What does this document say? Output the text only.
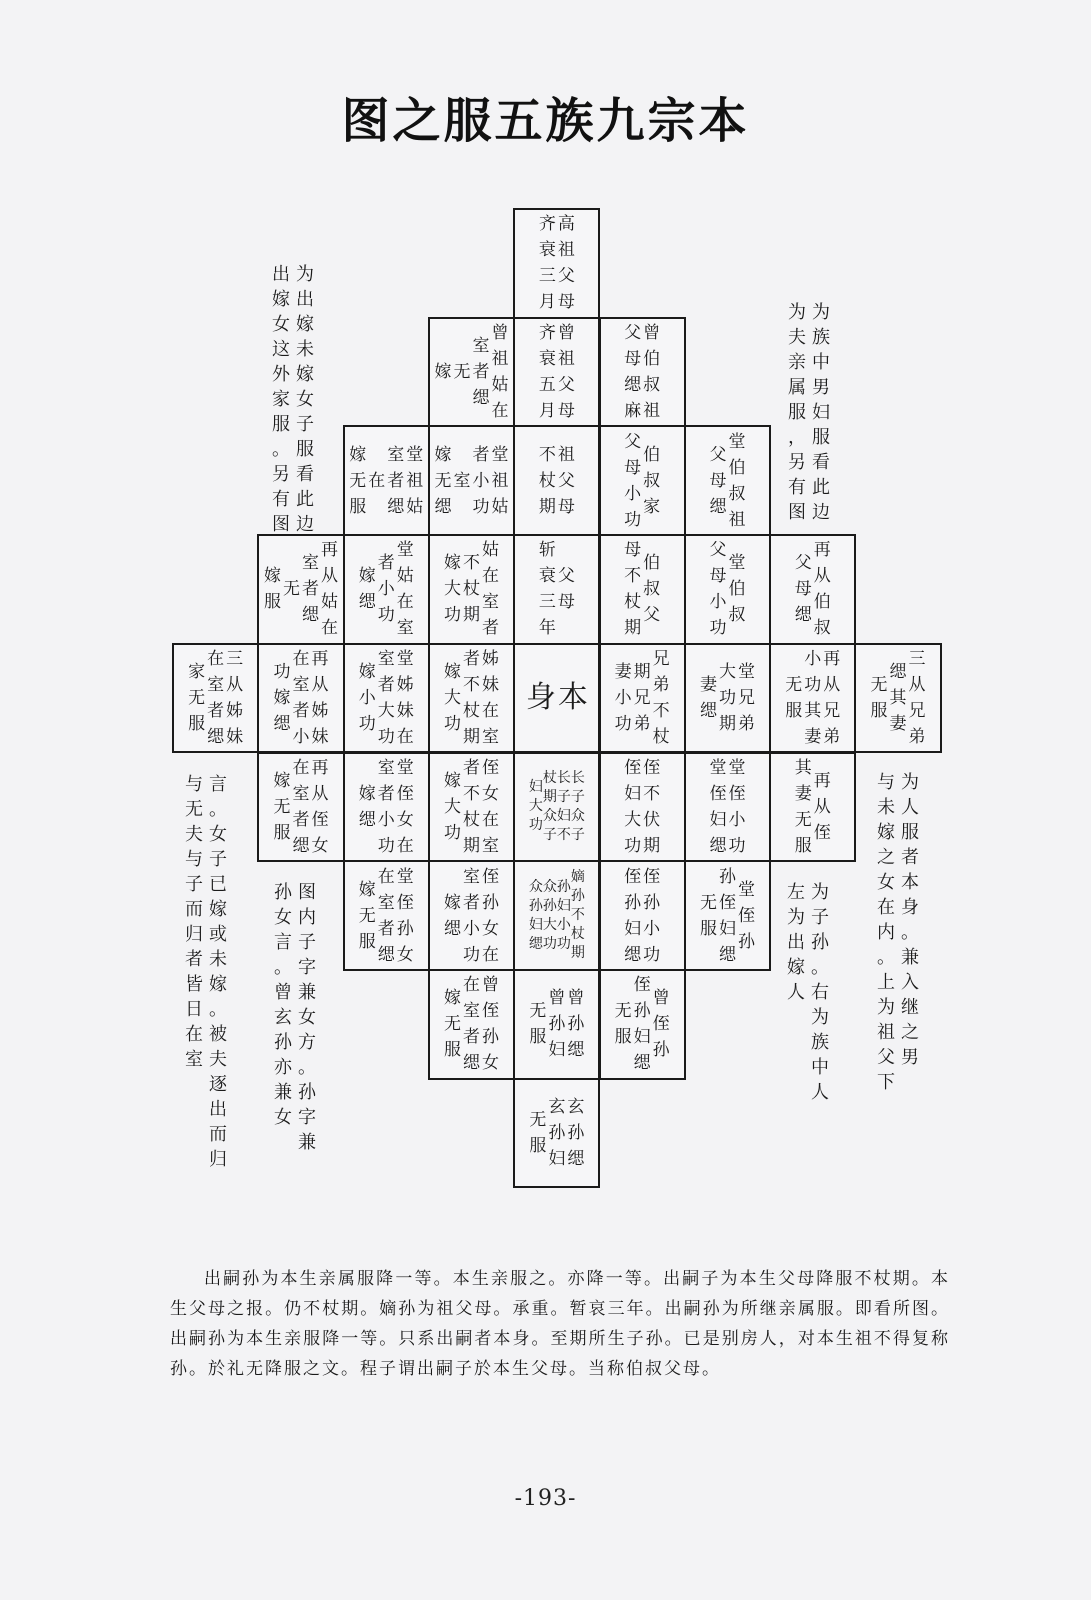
图之服五族九宗本
高
祖
父
母
齐
衰
三
月
曾
祖
姑
在
室
者
缌
无
嫁
曾
祖
父
母
齐
衰
五
月
曾
伯
叔
祖
父
母
缌
麻
堂
祖
姑
室
者
缌
在
嫁
无
服
堂
祖
姑
者
小
功
室
嫁
无
缌
祖
父
母
不
杖
期
伯
叔
家
父
母
小
功
堂
伯
叔
祖
父
母
缌
再
从
姑
在
室
者
缌
无
嫁
服
堂
姑
在
室
者
小
功
嫁
缌
姑
在
室
者
不
杖
期
嫁
大
功
父
母
斩
衰
三
年
伯
叔
父
母
不
杖
期
堂
伯
叔
父
母
小
功
再
从
伯
叔
父
母
缌
三
从
姊
妹
在
室
者
缌
家
无
服
再
从
姊
妹
在
室
者
小
功
嫁
缌
堂
姊
妹
在
室
者
大
功
嫁
小
功
姊
妹
在
室
者
不
杖
期
嫁
大
功
本
身
兄
弟
不
杖
期
兄
弟
妻
小
功
堂
兄
弟
大
功
期
妻
缌
再
从
兄
弟
小
功
其
妻
无
服
三
从
兄
弟
缌
其
妻
无
服
再
从
侄
女
在
室
者
缌
嫁
无
服
堂
侄
女
在
室
者
小
功
嫁
缌
侄
女
在
室
者
不
杖
期
嫁
大
功
长
子
众
子
长
子
妇
不
杖
期
众
子
妇
大
功
侄
不
伏
期
侄
妇
大
功
堂
侄
小
功
堂
侄
妇
缌
再
从
侄
其
妻
无
服
堂
侄
孙
女
在
室
者
缌
嫁
无
服
侄
孙
女
在
室
者
小
功
嫁
缌
嫡
孙
不
杖
期
孙
妇
小
功
众
孙
大
功
众
孙
妇
缌
侄
孙
小
功
侄
孙
妇
缌
堂
侄
孙
孙
侄
妇
缌
无
服
曾
侄
孙
女
在
室
者
缌
嫁
无
服
曾
孙
缌
曾
孙
妇
无
服
曾
侄
孙
侄
孙
妇
缌
无
服
玄
孙
缌
玄
孙
妇
无
服
为
出
嫁
未
嫁
女
子
服
看
此
边
出
嫁
女
这
外
家
服
。
另
有
图
为
族
中
男
妇
服
看
此
边
为
夫
亲
属
服
，
另
有
图
言
。
女
子
已
嫁
或
未
嫁
。
被
夫
逐
出
而
归
与
无
夫
与
子
而
归
者
皆
日
在
室
图
内
子
字
兼
女
方
。
孙
字
兼
孙
女
言
。
曾
玄
孙
亦
兼
女
为
子
孙
。
右
为
族
中
人
左
为
出
嫁
人
为
人
服
者
本
身
。
兼
入
继
之
男
与
未
嫁
之
女
在
内
。
上
为
祖
父
下

出嗣孙为本生亲属服降一等。本生亲服之。亦降一等。出嗣子为本生父母降服不杖期。本生父母之报。仍不杖期。嫡孙为祖父母。承重。暂哀三年。出嗣孙为所继亲属服。即看所图。出嗣孙为本生亲服降一等。只系出嗣者本身。至期所生子孙。已是别房人，对本生祖不得复称孙。於礼无降服之文。程子谓出嗣子於本生父母。当称伯叔父母。

-193-
